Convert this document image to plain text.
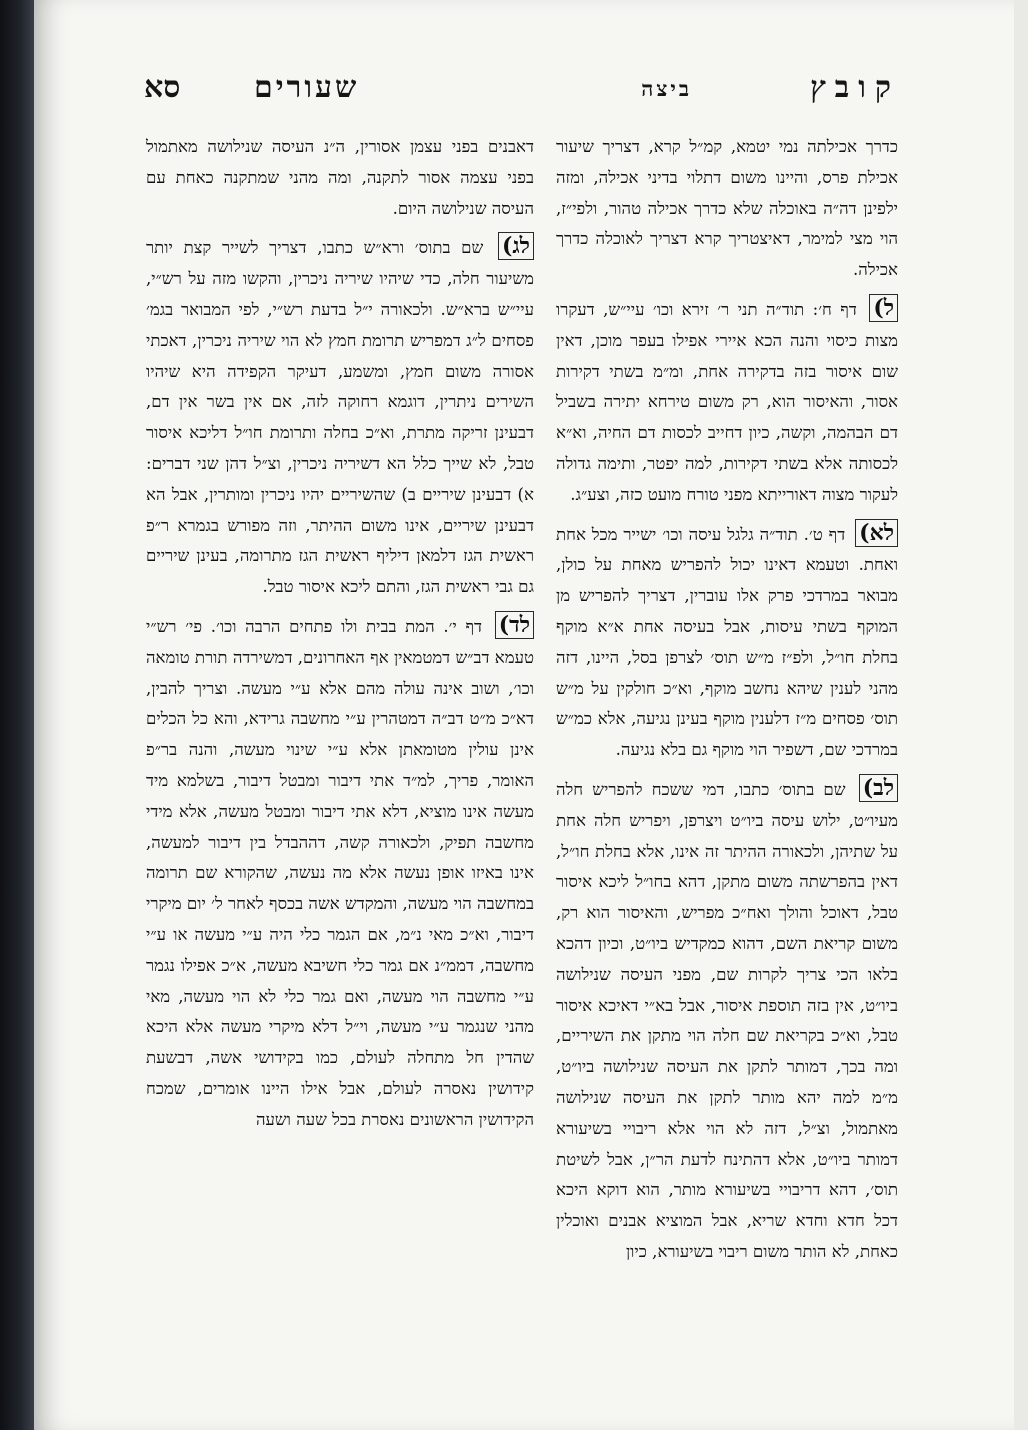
קובץ
ביצה
שעורים
סא

כדרך אכילתה נמי יטמא, קמ״ל קרא, דצריך שיעור אכילת פרס, והיינו משום דתלוי בדיני אכילה, ומזה ילפינן דה״ה באוכלה שלא כדרך אכילה טהור, ולפי״ז, הוי מצי למימר, דאיצטריך קרא דצריך לאוכלה כדרך אכילה.

ל) דף ח׳: תוד״ה תני ר׳ זירא וכו׳ עיי״ש, דעקרו מצות כיסוי והנה הכא איירי אפילו בעפר מוכן, דאין שום איסור בזה בדקירה אחת, ומ״מ בשתי דקירות אסור, והאיסור הוא, רק משום טירחא יתירה בשביל דם הבהמה, וקשה, כיון דחייב לכסות דם החיה, וא״א לכסותה אלא בשתי דקירות, למה יפטר, ותימה גדולה לעקור מצוה דאורייתא מפני טורח מועט כזה, וצע״ג.

לא) דף ט׳. תוד״ה גלגל עיסה וכו׳ ישייר מכל אחת ואחת. וטעמא דאינו יכול להפריש מאחת על כולן, מבואר במרדכי פרק אלו עוברין, דצריך להפריש מן המוקף בשתי עיסות, אבל בעיסה אחת א״א מוקף בחלת חו״ל, ולפ״ז מ״ש תוס׳ לצרפן בסל, היינו, דזה מהני לענין שיהא נחשב מוקף, וא״כ חולקין על מ״ש תוס׳ פסחים מ״ז דלענין מוקף בעינן נגיעה, אלא כמ״ש במרדכי שם, דשפיר הוי מוקף גם בלא נגיעה.

לב) שם בתוס׳ כתבו, דמי ששכח להפריש חלה מעיו״ט, ילוש עיסה ביו״ט ויצרפן, ויפריש חלה אחת על שתיהן, ולכאורה ההיתר זה אינו, אלא בחלת חו״ל, דאין בהפרשתה משום מתקן, דהא בחו״ל ליכא איסור טבל, דאוכל והולך ואח״כ מפריש, והאיסור הוא רק, משום קריאת השם, דהוא כמקדיש ביו״ט, וכיון דהכא בלאו הכי צריך לקרות שם, מפני העיסה שנילושה ביו״ט, אין בזה תוספת איסור, אבל בא״י דאיכא איסור טבל, וא״כ בקריאת שם חלה הוי מתקן את השיריים, ומה בכך, דמותר לתקן את העיסה שנילושה ביו״ט, מ״מ למה יהא מותר לתקן את העיסה שנילושה מאתמול, וצ״ל, דזה לא הוי אלא ריבויי בשיעורא דמותר ביו״ט, אלא דהתינח לדעת הר״ן, אבל לשיטת תוס׳, דהא דריבויי בשיעורא מותר, הוא דוקא היכא דכל חדא וחדא שריא, אבל המוציא אבנים ואוכלין כאחת, לא הותר משום ריבוי בשיעורא, כיון

דאבנים בפני עצמן אסורין, ה״נ העיסה שנילושה מאתמול בפני עצמה אסור לתקנה, ומה מהני שמתקנה כאחת עם העיסה שנילושה היום.

לג) שם בתוס׳ ורא״ש כתבו, דצריך לשייר קצת יותר משיעור חלה, כדי שיהיו שיריה ניכרין, והקשו מזה על רש״י, עיי״ש ברא״ש. ולכאורה י״ל בדעת רש״י, לפי המבואר בגמ׳ פסחים ל״ג דמפריש תרומת חמץ לא הוי שיריה ניכרין, דאכתי אסורה משום חמץ, ומשמע, דעיקר הקפידה היא שיהיו השירים ניתרין, דוגמא רחוקה לזה, אם אין בשר אין דם, דבעינן זריקה מתרת, וא״כ בחלה ותרומת חו״ל דליכא איסור טבל, לא שייך כלל הא דשיריה ניכרין, וצ״ל דהן שני דברים: א) דבעינן שיריים ב) שהשיריים יהיו ניכרין ומותרין, אבל הא דבעינן שיריים, אינו משום ההיתר, וזה מפורש בגמרא ר״פ ראשית הגז דלמאן דיליף ראשית הגז מתרומה, בעינן שיריים גם גבי ראשית הגז, והתם ליכא איסור טבל.

לד) דף י׳. המת בבית ולו פתחים הרבה וכו׳. פי׳ רש״י טעמא דב״ש דמטמאין אף האחרונים, דמשירדה תורת טומאה וכו׳, ושוב אינה עולה מהם אלא ע״י מעשה. וצריך להבין, דא״כ מ״ט דב״ה דמטהרין ע״י מחשבה גרידא, והא כל הכלים אינן עולין מטומאתן אלא ע״י שינוי מעשה, והנה בר״פ האומר, פריך, למ״ד אתי דיבור ומבטל דיבור, בשלמא מיד מעשה אינו מוציא, דלא אתי דיבור ומבטל מעשה, אלא מידי מחשבה תפיק, ולכאורה קשה, דההבדל בין דיבור למעשה, אינו באיזו אופן נעשה אלא מה נעשה, שהקורא שם תרומה במחשבה הוי מעשה, והמקדש אשה בכסף לאחר ל׳ יום מיקרי דיבור, וא״כ מאי נ״מ, אם הגמר כלי היה ע״י מעשה או ע״י מחשבה, דממ״נ אם גמר כלי חשיבא מעשה, א״כ אפילו נגמר ע״י מחשבה הוי מעשה, ואם גמר כלי לא הוי מעשה, מאי מהני שנגמר ע״י מעשה, וי״ל דלא מיקרי מעשה אלא היכא שהדין חל מתחלה לעולם, כמו בקידושי אשה, דבשעת קידושין נאסרה לעולם, אבל אילו היינו אומרים, שמכח הקידושין הראשונים נאסרת בכל שעה ושעה
